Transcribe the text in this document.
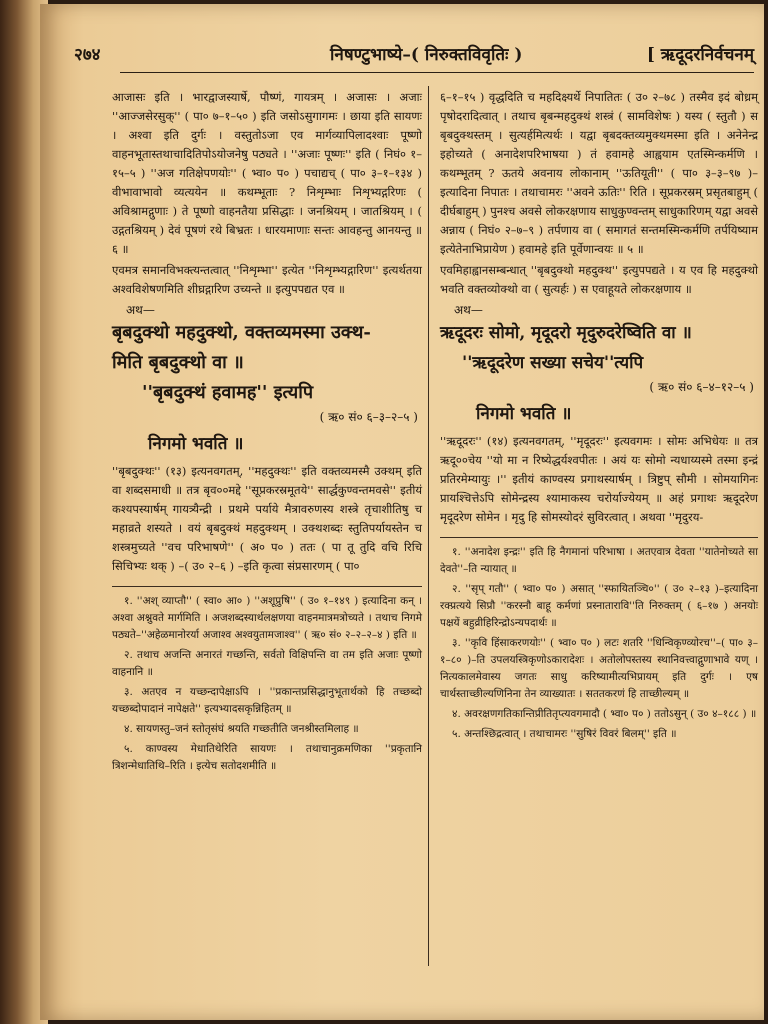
२७४	निषण्टुभाष्ये–( निरुक्तविवृतिः )	[ ऋदूदरनिर्वचनम्

आजासः इति । भारद्वाजस्यार्षे, पौष्णं, गायत्रम् । अजासः । अजाः ''आज्जसेरसुक्'' ( पा० ७–१–५० ) इति जसोऽसुगागमः । छाया इति सायणः । अश्वा इति दुर्गः । वस्तुतोऽजा एव मार्गव्यापिलादश्वाः पूष्णो वाहनभूतास्तथाचादितिपोऽयोजनेषु पठ्यते । ''अजाः पूष्णः'' इति ( निघं० १–१५–५ ) ''अज गतिक्षेपणयोः'' ( भ्वा० प० ) पचाद्यच् ( पा० ३–१–१३४ ) वीभावाभावो व्यत्ययेन ॥ कथम्भूताः ? निशृम्भाः निशृभ्यद्गरिणः ( अविश्रामद्गुणाः ) ते पूष्णो वाहनतैया प्रसिद्धाः । जनश्रियम् । जातश्रियम् । ( उद्गतश्रियम् ) देवं पूषणं रथे बिभ्रतः । धारयमाणाः सन्तः आवहन्तु आनयन्तु ॥ ६ ॥

एवमत्र समानविभक्त्यन्तत्वात् ''निशृम्भा'' इत्येत ''निशृम्भ्यद्गारिण'' इत्यर्थतया अश्वविशेषणमिति शीघ्रद्गारिण उच्यन्ते ॥ इत्युपपद्यत एव ॥

अथ—

बृबदुक्थो महदुक्थो, वक्तव्यमस्मा उक्थ-

मिति बृबदुक्थो वा ॥

''बृबदुक्थं हवामह'' इत्यपि

( ऋ० सं० ६–३–२–५ )
निगमो भवति ॥

''बृबदुक्थः'' (१३) इत्यनवगतम्, ''महदुक्थः'' इति वक्तव्यमस्मै उक्थम् इति वा शब्दसमाधी ॥ तत्र बृव००मद्दे ''सूप्रकरस्रमूतये'' सार्द्धकुण्वन्तमवसे'' इतीयं कश्यपस्यार्षम् गायत्र्यैन्द्री । प्रथमे पर्याये मैत्रावरुणस्य शस्त्रे तृचाशीतिषु च महाव्रते शस्यते । वयं बृबदुक्थं महदुक्थम् । उक्थशब्दः स्तुतिपर्यायस्तेन च शस्त्रमुच्यते ''वच परिभाषणे'' ( अ० प० ) ततः ( पा तू तुदि वचि रिचि सिचिभ्यः थक् ) –( उ० २–६ ) –इति कृत्वा संप्रसारणम् ( पा०

१. ''अश् व्याप्तौ'' ( स्वा० आ० ) ''अशूप्रुषि'' ( उ० १–१४९ ) इत्यादिना कन् । अश्वा अश्नुवते मार्गमिति । अजशब्दस्यार्थलक्षणया वाहनमात्रमत्रोच्यते । तथाच निगमे पठ्यते–''अहेळमानोरर्या अजाश्व अश्वयुतामजाश्व'' ( ऋ० सं० २–२–२–४ ) इति ॥

२. तथाच अजन्ति अनारतं गच्छन्ति, सर्वतो विक्षिपन्ति वा तम इति अजाः पूष्णो वाहनानि ॥

३. अतएव न यच्छन्दापेक्षाऽपि । ''प्रकान्तप्रसिद्धानुभूतार्थको हि तच्छब्दो यच्छब्दोपादानं नापेक्षते'' इत्यभ्यादसकृन्निहितम् ॥

४. सायणस्तु–जनं स्तोतृसंघं श्रयति गच्छतीति जनश्रीस्तमिलाह ॥

५. काण्वस्य मेधातिथेरिति सायणः । तथाचानुक्रमणिका ''प्रकृतानि त्रिशन्मेधातिथि–रिति । इत्येच सतोदशमीति ॥

६–१–१५ ) वृद्धदिति च महदिक्ष्यर्थे निपातितः ( उ० २–७८ ) तस्मैव इदं बोध्रम् पृषोदरादित्वात् । तथाच बृबन्महदुक्थं शस्त्रं ( सामविशेषः ) यस्य ( स्तुतौ ) स बृबदुक्थस्तम् । सुत्यर्हमित्यर्थः । यद्वा बृबदक्तव्यमुक्थमस्मा इति । अनेनेन्द्र इहोच्यते ( अनादेशपरिभाषया ) तं हवामहे आह्वयाम एतस्मिन्कर्मणि । कथम्भूतम् ? ऊतये अवनाय लोकानाम् ''ऊतियूती'' ( पा० ३–३–९७ )–इत्यादिना निपातः । तथाचामरः ''अवने ऊतिः'' रिति । सूप्रकरस्रम् प्रसृतबाहुम् ( दीर्घबाहुम् ) पुनश्च अवसे लोकरक्षणाय साधुकुण्वन्तम् साधुकारिणम् यद्वा अवसे अन्नाय ( निघं० २–७–९ ) तर्पणाय वा ( समागतं सन्तमस्मिन्कर्मणि तर्पयिष्याम इत्येतेनाभिप्रायेण ) हवामहे इति पूर्वेणान्वयः ॥ ५ ॥

एवमिहाह्वानसम्बन्धात् ''बृबदुक्थो महदुक्थ'' इत्युपपद्यते । य एव हि महदुक्थो भवति वक्तव्योक्थो वा ( सुत्यर्हः ) स एवाहूयते लोकरक्षणाय ॥

अथ—

ऋदूदरः सोमो, मृदूदरो मृदुरुदरेष्विति वा ॥

''ऋदूदरेण सख्या सचेय''त्यपि

( ऋ० सं० ६–४–१२–५ )
निगमो भवति ॥

''ऋदूदरः'' (१४) इत्यनवगतम्, ''मृदूदरः'' इत्यवगमः । सोमः अभिधेयः ॥ तत्र ऋदू००चेय ''यो मा न रिष्येद्धर्यश्वपीतः । अयं यः सोमो न्यधाय्यस्मे तस्मा इन्द्रं प्रतिरमेम्यायुः ।'' इतीयं काण्वस्य प्रगाथस्यार्षम् । त्रिष्टुप् सौमी । सोमयागिनः प्रायश्चित्तेऽपि सोमेन्द्रस्य श्यामाकस्य चरोर्याज्येयम् ॥ अहं प्रगाथः ऋदूदरेण मृदूदरेण सोमेन । मृदु हि सोमस्योदरं सुविरत्वात् । अथवा ''मृदुरय-

१. ''अनादेश इन्द्रः'' इति हि नैगमानां परिभाषा । अतएवात्र देवता ''यातेनोच्यते सा देवते''–ति न्यायात् ॥

२. ''सृप् गतौ'' ( भ्वा० प० ) असात् ''स्फायितञ्चि०'' ( उ० २–१३ )–इत्यादिना रक्प्रत्यये सिप्रौ ''करस्नौ बाहू कर्मणां प्रस्नातारावि''ति निरुक्तम् ( ६–१७ ) अनयोः पक्षयें बहुव्रीहिरिन्द्रोऽन्यपदार्थः ॥

३. ''कृवि हिंसाकरणयोः'' ( भ्वा० प० ) लटः शतरि ''धिन्विकृण्व्योरच''–( पा० ३–१–८० )–ति उपलयस्त्रिकृणोऽकारादेशः । अतोलोपस्तस्य स्थानिवत्त्वाद्गुणाभावे यण् । नित्यकालमेवास्य जगतः साधु करिष्यामीत्यभिप्रायम् इति दुर्गः । एष चार्थस्ताच्छील्यणिनिना तेन व्याख्यातः । सततकरणं हि ताच्छील्यम् ॥

४. अवरक्षणगतिकान्तिप्रीतितृप्त्यवगमादौ ( भ्वा० प० ) ततोऽसुन् ( उ० ४–१८८ ) ॥

५. अन्तश्छिद्रत्वात् । तथाचामरः ''सुषिरं विवरं बिलम्'' इति ॥
